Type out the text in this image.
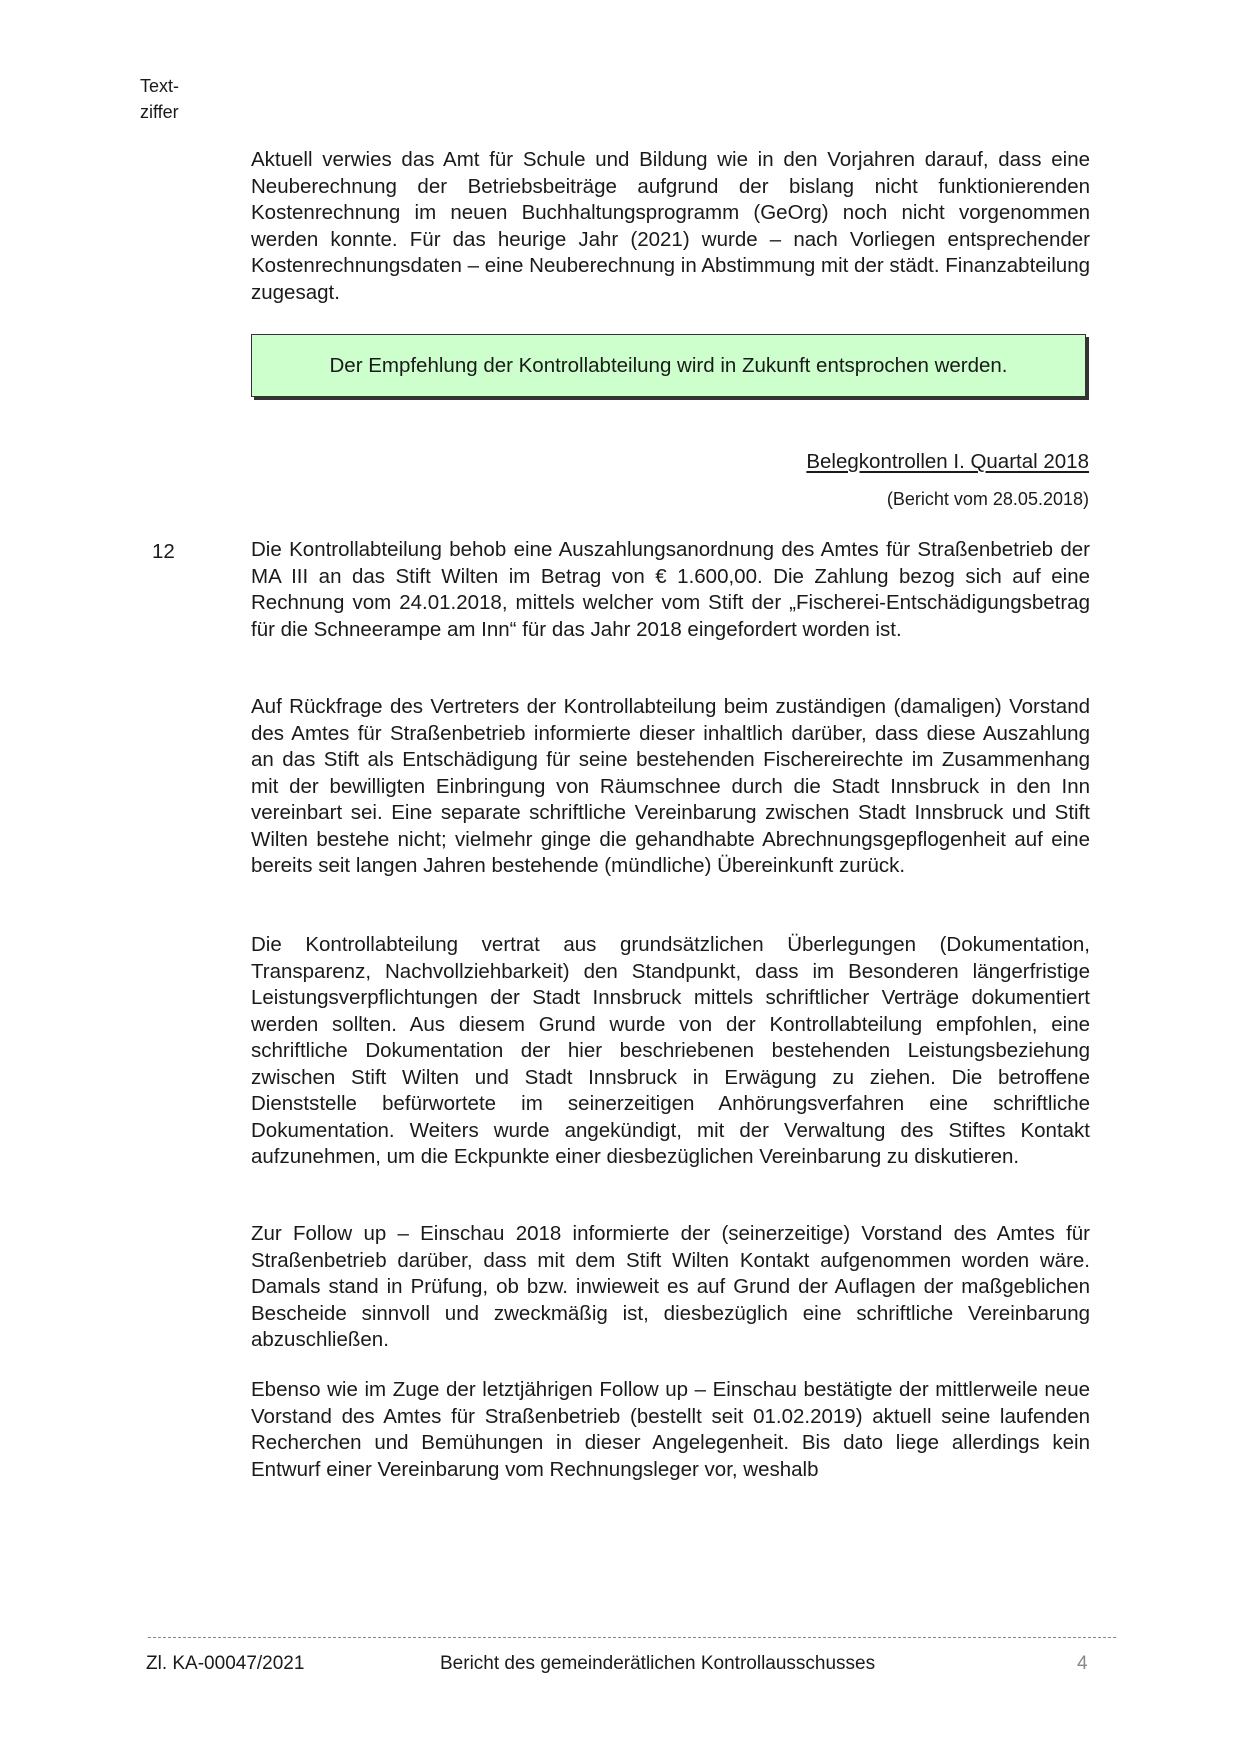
Text-
ziffer

Aktuell verwies das Amt für Schule und Bildung wie in den Vorjahren darauf, dass eine Neuberechnung der Betriebsbeiträge aufgrund der bislang nicht funktionierenden Kostenrechnung im neuen Buchhaltungsprogramm (GeOrg) noch nicht vorgenommen werden konnte. Für das heurige Jahr (2021) wurde – nach Vorliegen entsprechender Kostenrechnungsdaten – eine Neuberechnung in Abstimmung mit der städt. Finanzabteilung zugesagt.

Der Empfehlung der Kontrollabteilung wird in Zukunft entsprochen werden.
Belegkontrollen I. Quartal 2018
(Bericht vom 28.05.2018)
12	Die Kontrollabteilung behob eine Auszahlungsanordnung des Amtes für Straßenbetrieb der MA III an das Stift Wilten im Betrag von € 1.600,00. Die Zahlung bezog sich auf eine Rechnung vom 24.01.2018, mittels welcher vom Stift der „Fischerei-Entschädigungsbetrag für die Schneerampe am Inn“ für das Jahr 2018 eingefordert worden ist.

Auf Rückfrage des Vertreters der Kontrollabteilung beim zuständigen (damaligen) Vorstand des Amtes für Straßenbetrieb informierte dieser inhaltlich darüber, dass diese Auszahlung an das Stift als Entschädigung für seine bestehenden Fischereirechte im Zusammenhang mit der bewilligten Einbringung von Räumschnee durch die Stadt Innsbruck in den Inn vereinbart sei. Eine separate schriftliche Vereinbarung zwischen Stadt Innsbruck und Stift Wilten bestehe nicht; vielmehr ginge die gehandhabte Abrechnungsgepflogenheit auf eine bereits seit langen Jahren bestehende (mündliche) Übereinkunft zurück.

Die Kontrollabteilung vertrat aus grundsätzlichen Überlegungen (Dokumentation, Transparenz, Nachvollziehbarkeit) den Standpunkt, dass im Besonderen längerfristige Leistungsverpflichtungen der Stadt Innsbruck mittels schriftlicher Verträge dokumentiert werden sollten. Aus diesem Grund wurde von der Kontrollabteilung empfohlen, eine schriftliche Dokumentation der hier beschriebenen bestehenden Leistungsbeziehung zwischen Stift Wilten und Stadt Innsbruck in Erwägung zu ziehen. Die betroffene Dienststelle befürwortete im seinerzeitigen Anhörungsverfahren eine schriftliche Dokumentation. Weiters wurde angekündigt, mit der Verwaltung des Stiftes Kontakt aufzunehmen, um die Eckpunkte einer diesbezüglichen Vereinbarung zu diskutieren.

Zur Follow up – Einschau 2018 informierte der (seinerzeitige) Vorstand des Amtes für Straßenbetrieb darüber, dass mit dem Stift Wilten Kontakt aufgenommen worden wäre. Damals stand in Prüfung, ob bzw. inwieweit es auf Grund der Auflagen der maßgeblichen Bescheide sinnvoll und zweckmäßig ist, diesbezüglich eine schriftliche Vereinbarung abzuschließen.

Ebenso wie im Zuge der letztjährigen Follow up – Einschau bestätigte der mittlerweile neue Vorstand des Amtes für Straßenbetrieb (bestellt seit 01.02.2019) aktuell seine laufenden Recherchen und Bemühungen in dieser Angelegenheit. Bis dato liege allerdings kein Entwurf einer Vereinbarung vom Rechnungsleger vor, weshalb

Zl. KA-00047/2021	Bericht des gemeinderätlichen Kontrollausschusses	4
